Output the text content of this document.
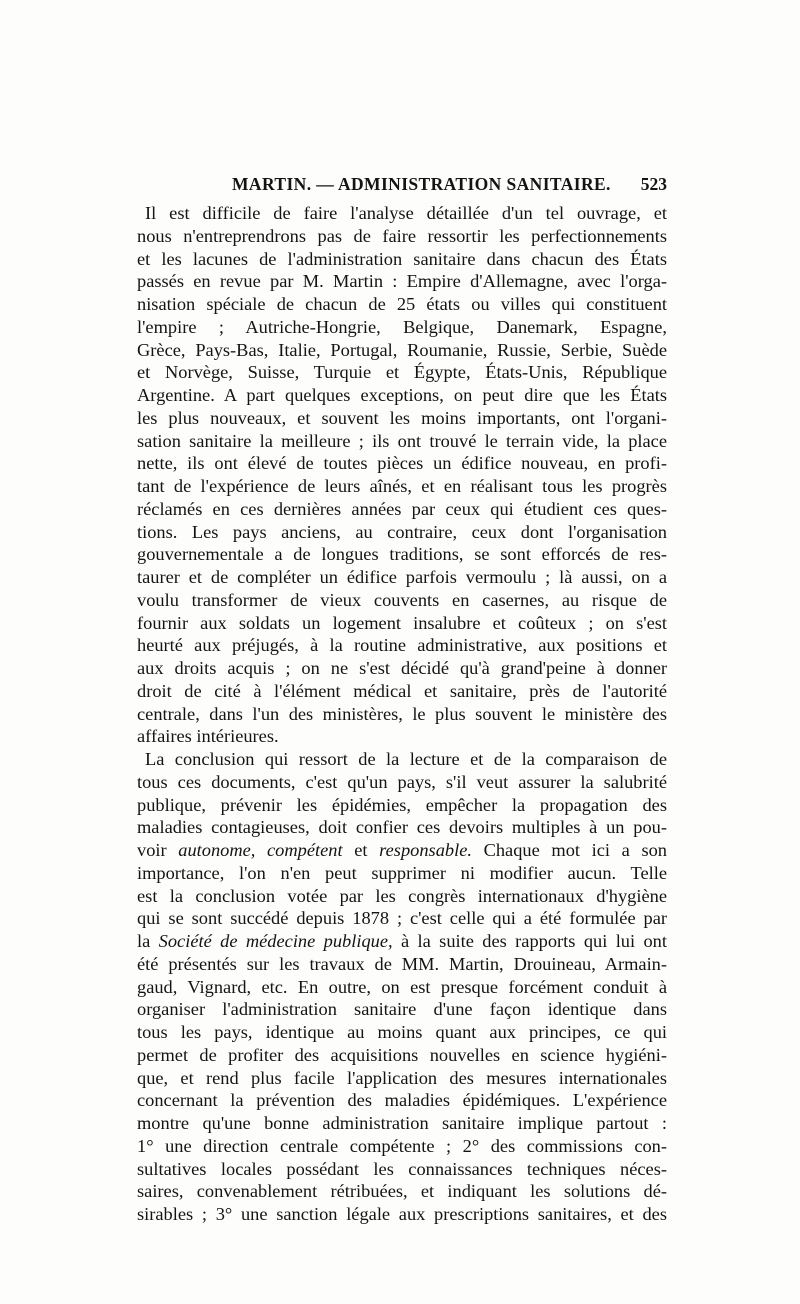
MARTIN. — ADMINISTRATION SANITAIRE. 523
Il est difficile de faire l'analyse détaillée d'un tel ouvrage, et
nous n'entreprendrons pas de faire ressortir les perfectionnements
et les lacunes de l'administration sanitaire dans chacun des États
passés en revue par M. Martin : Empire d'Allemagne, avec l'orga-
nisation spéciale de chacun de 25 états ou villes qui constituent
l'empire ; Autriche-Hongrie, Belgique, Danemark, Espagne,
Grèce, Pays-Bas, Italie, Portugal, Roumanie, Russie, Serbie, Suède
et Norvège, Suisse, Turquie et Égypte, États-Unis, République
Argentine. A part quelques exceptions, on peut dire que les États
les plus nouveaux, et souvent les moins importants, ont l'organi-
sation sanitaire la meilleure ; ils ont trouvé le terrain vide, la place
nette, ils ont élevé de toutes pièces un édifice nouveau, en profi-
tant de l'expérience de leurs aînés, et en réalisant tous les progrès
réclamés en ces dernières années par ceux qui étudient ces ques-
tions. Les pays anciens, au contraire, ceux dont l'organisation
gouvernementale a de longues traditions, se sont efforcés de res-
taurer et de compléter un édifice parfois vermoulu ; là aussi, on a
voulu transformer de vieux couvents en casernes, au risque de
fournir aux soldats un logement insalubre et coûteux ; on s'est
heurté aux préjugés, à la routine administrative, aux positions et
aux droits acquis ; on ne s'est décidé qu'à grand'peine à donner
droit de cité à l'élément médical et sanitaire, près de l'autorité
centrale, dans l'un des ministères, le plus souvent le ministère des
affaires intérieures.
La conclusion qui ressort de la lecture et de la comparaison de
tous ces documents, c'est qu'un pays, s'il veut assurer la salubrité
publique, prévenir les épidémies, empêcher la propagation des
maladies contagieuses, doit confier ces devoirs multiples à un pou-
voir autonome, compétent et responsable. Chaque mot ici a son
importance, l'on n'en peut supprimer ni modifier aucun. Telle
est la conclusion votée par les congrès internationaux d'hygiène
qui se sont succédé depuis 1878 ; c'est celle qui a été formulée par
la Société de médecine publique, à la suite des rapports qui lui ont
été présentés sur les travaux de MM. Martin, Drouineau, Armain-
gaud, Vignard, etc. En outre, on est presque forcément conduit à
organiser l'administration sanitaire d'une façon identique dans
tous les pays, identique au moins quant aux principes, ce qui
permet de profiter des acquisitions nouvelles en science hygiéni-
que, et rend plus facile l'application des mesures internationales
concernant la prévention des maladies épidémiques. L'expérience
montre qu'une bonne administration sanitaire implique partout :
1° une direction centrale compétente ; 2° des commissions con-
sultatives locales possédant les connaissances techniques néces-
saires, convenablement rétribuées, et indiquant les solutions dé-
sirables ; 3° une sanction légale aux prescriptions sanitaires, et des
